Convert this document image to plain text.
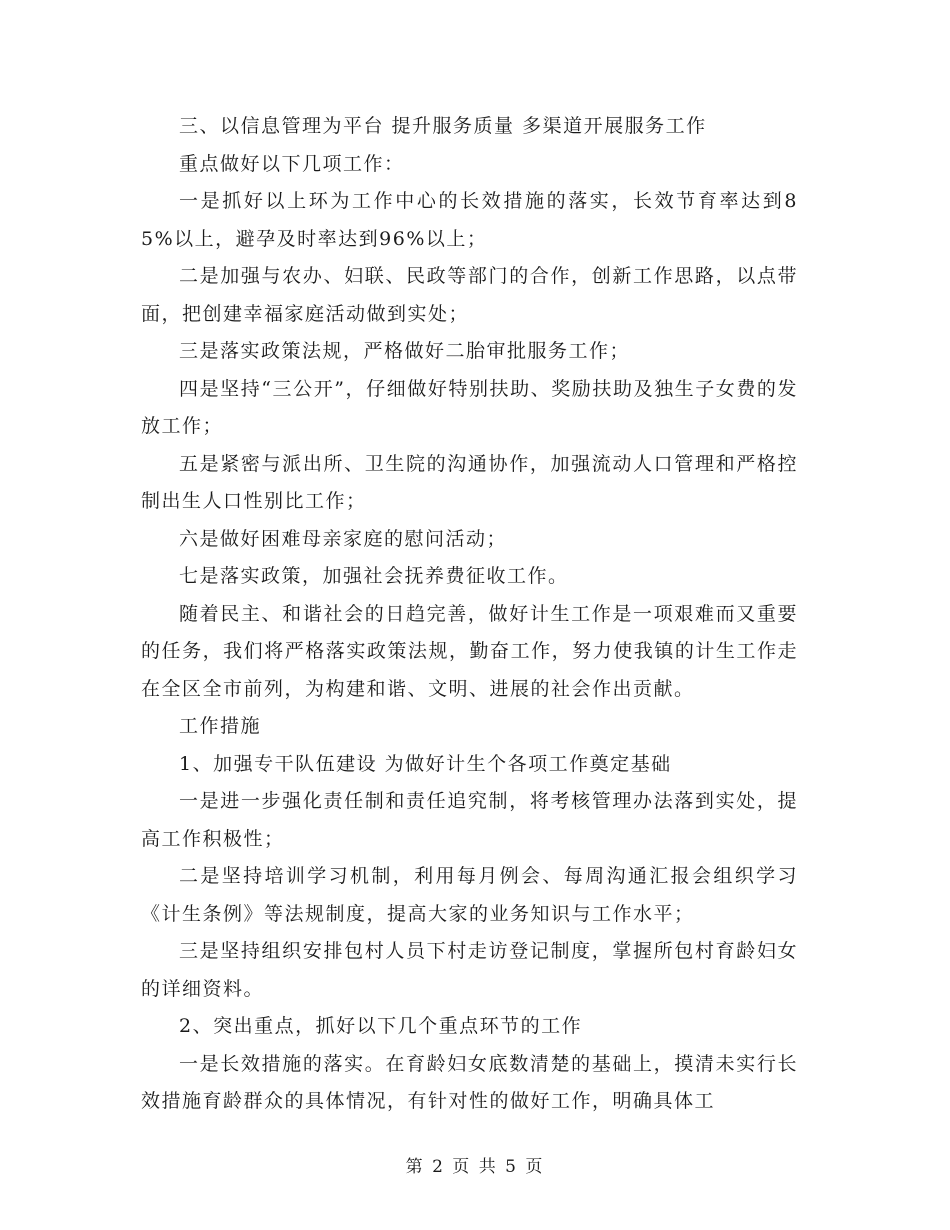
三、以信息管理为平台 提升服务质量 多渠道开展服务工作

重点做好以下几项工作：

一是抓好以上环为工作中心的长效措施的落实，长效节育率达到85%以上，避孕及时率达到96%以上；

二是加强与农办、妇联、民政等部门的合作，创新工作思路，以点带面，把创建幸福家庭活动做到实处；

三是落实政策法规，严格做好二胎审批服务工作；

四是坚持“三公开”，仔细做好特别扶助、奖励扶助及独生子女费的发放工作；

五是紧密与派出所、卫生院的沟通协作，加强流动人口管理和严格控制出生人口性别比工作；

六是做好困难母亲家庭的慰问活动；

七是落实政策，加强社会抚养费征收工作。

随着民主、和谐社会的日趋完善，做好计生工作是一项艰难而又重要的任务，我们将严格落实政策法规，勤奋工作，努力使我镇的计生工作走在全区全市前列，为构建和谐、文明、进展的社会作出贡献。

工作措施

1、加强专干队伍建设 为做好计生个各项工作奠定基础

一是进一步强化责任制和责任追究制，将考核管理办法落到实处，提高工作积极性；

二是坚持培训学习机制，利用每月例会、每周沟通汇报会组织学习《计生条例》等法规制度，提高大家的业务知识与工作水平；

三是坚持组织安排包村人员下村走访登记制度，掌握所包村育龄妇女的详细资料。

2、突出重点，抓好以下几个重点环节的工作

一是长效措施的落实。在育龄妇女底数清楚的基础上，摸清未实行长效措施育龄群众的具体情况，有针对性的做好工作，明确具体工

第 2 页 共 5 页
